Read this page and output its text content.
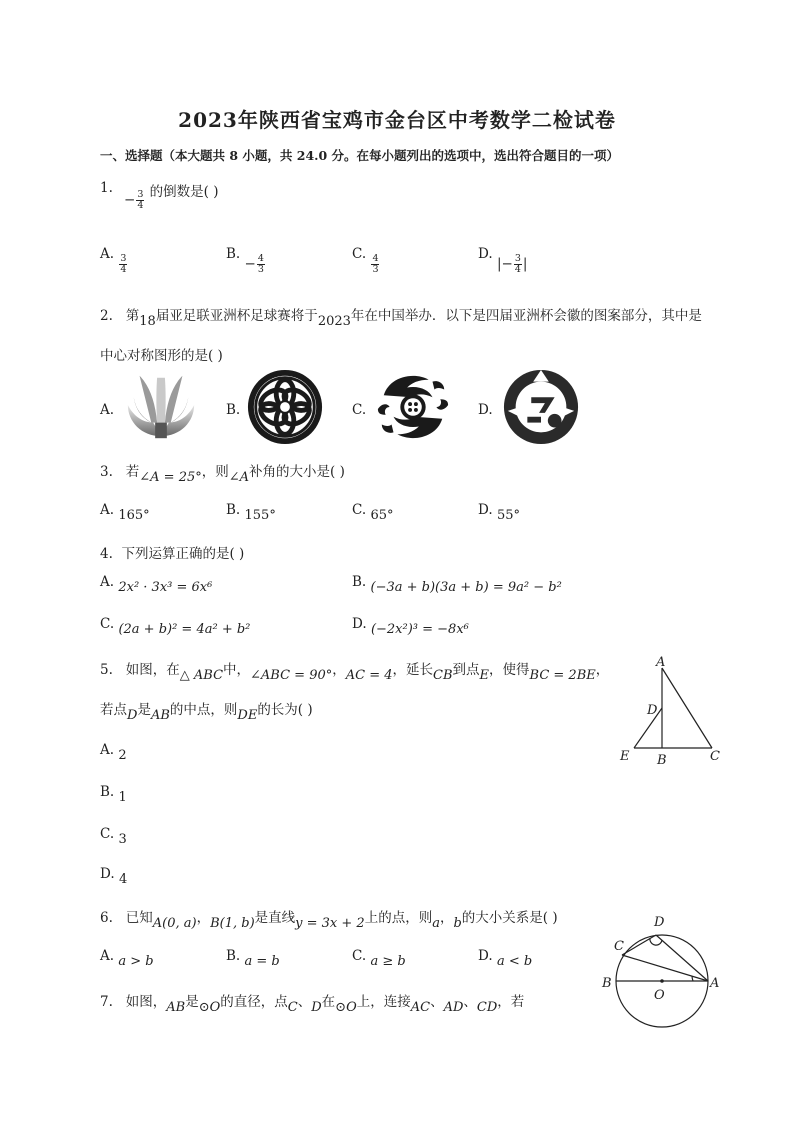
2023年陕西省宝鸡市金台区中考数学二检试卷
一、选择题（本大题共 8 小题，共 24.0 分。在每小题列出的选项中，选出符合题目的一项）
1.
− $\frac{3}{4}$ 的倒数是( )
A. $\frac{3}{4}$	B. − $\frac{4}{3}$	C. $\frac{4}{3}$	D. |− $\frac{3}{4}$ |
2. 第18届亚足联亚洲杯足球赛将于2023年在中国举办．以下是四届亚洲杯会徽的图案部分，其中是
中心对称图形的是( )
A.	B.	C.	D.
3. 若∠A = 25°，则∠A补角的大小是( )
A. 165°	B. 155°	C. 65°	D. 55°
4. 下列运算正确的是( )
A. 2x² · 3x³ = 6x⁶	B. (−3a + b)(3a + b) = 9a² − b²
C. (2a + b)² = 4a² + b²	D. (−2x²)³ = −8x⁶
5. 如图，在△ ABC中，∠ABC = 90°，AC = 4，延长CB到点E，使得BC = 2BE，
若点D是AB的中点，则DE的长为( )
A. 2
B. 1
C. 3
D. 4
A
D
E B	C
6. 已知A(0, a)，B(1, b)是直线y = 3x + 2上的点，则a，b的大小关系是( )
A. a > b	B. a = b	C. a ≥ b	D. a < b
7. 如图，AB是⊙O的直径，点C、D在⊙O上，连接AC、AD、CD，若
D
C
B	A
O
